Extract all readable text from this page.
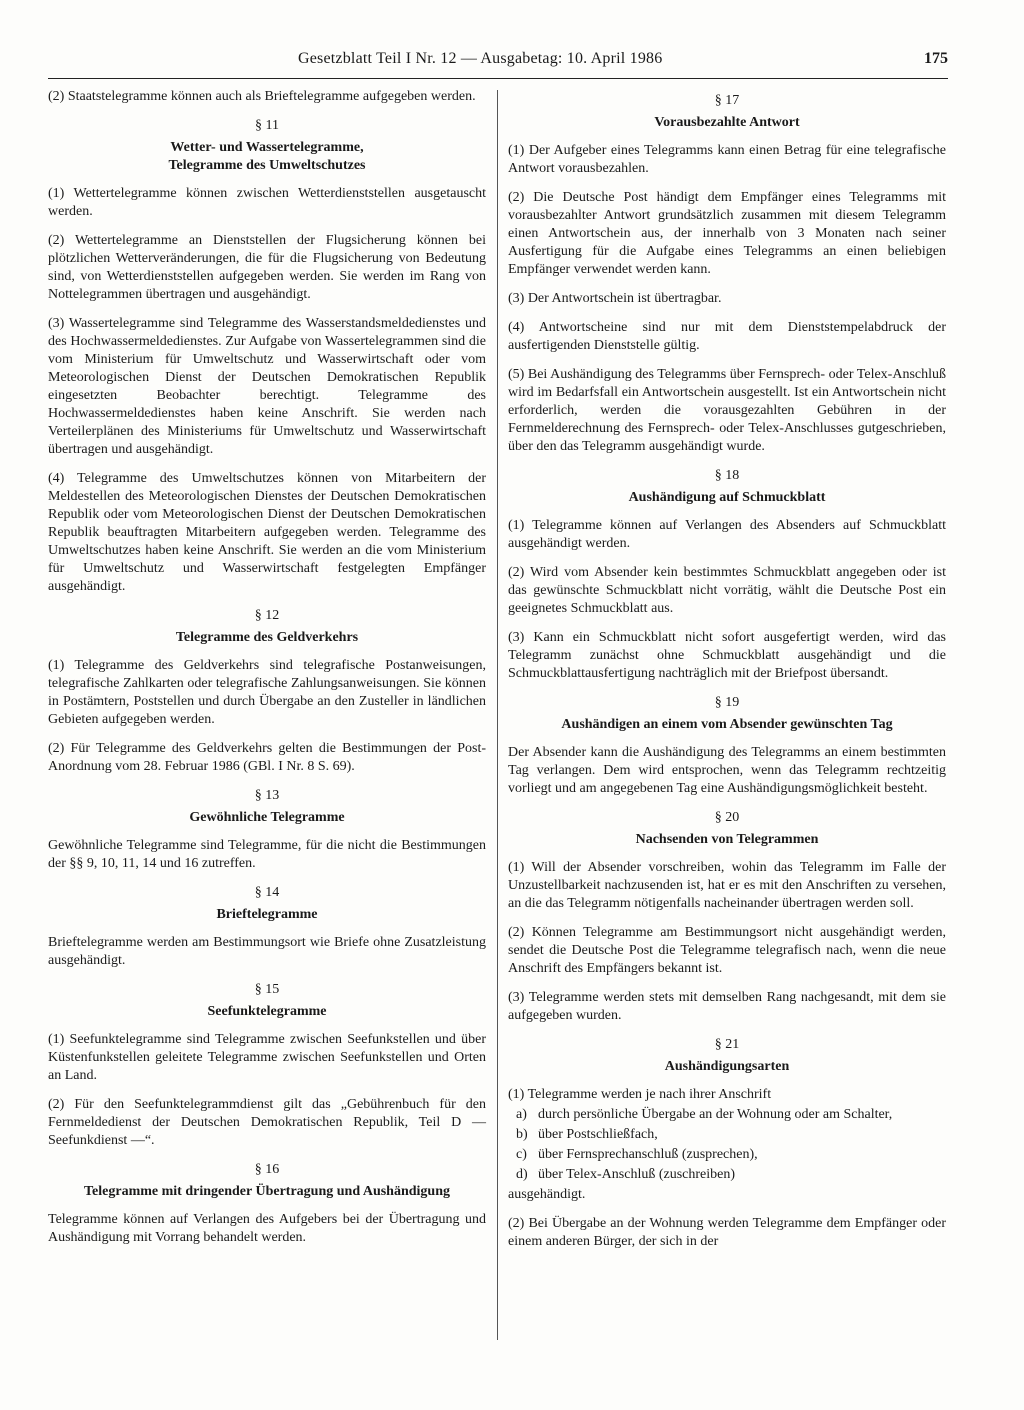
Gesetzblatt Teil I Nr. 12 — Ausgabetag: 10. April 1986	175

(2) Staatstelegramme können auch als Brieftelegramme aufgegeben werden.

§ 11
Wetter- und Wassertelegramme,
Telegramme des Umweltschutzes

(1) Wettertelegramme können zwischen Wetterdienststellen ausgetauscht werden.

(2) Wettertelegramme an Dienststellen der Flugsicherung können bei plötzlichen Wetterveränderungen, die für die Flugsicherung von Bedeutung sind, von Wetterdienststellen aufgegeben werden. Sie werden im Rang von Nottelegrammen übertragen und ausgehändigt.

(3) Wassertelegramme sind Telegramme des Wasserstandsmeldedienstes und des Hochwassermeldedienstes. Zur Aufgabe von Wassertelegrammen sind die vom Ministerium für Umweltschutz und Wasserwirtschaft oder vom Meteorologischen Dienst der Deutschen Demokratischen Republik eingesetzten Beobachter berechtigt. Telegramme des Hochwassermeldedienstes haben keine Anschrift. Sie werden nach Verteilerplänen des Ministeriums für Umweltschutz und Wasserwirtschaft übertragen und ausgehändigt.

(4) Telegramme des Umweltschutzes können von Mitarbeitern der Meldestellen des Meteorologischen Dienstes der Deutschen Demokratischen Republik oder vom Meteorologischen Dienst der Deutschen Demokratischen Republik beauftragten Mitarbeitern aufgegeben werden. Telegramme des Umweltschutzes haben keine Anschrift. Sie werden an die vom Ministerium für Umweltschutz und Wasserwirtschaft festgelegten Empfänger ausgehändigt.

§ 12
Telegramme des Geldverkehrs

(1) Telegramme des Geldverkehrs sind telegrafische Postanweisungen, telegrafische Zahlkarten oder telegrafische Zahlungsanweisungen. Sie können in Postämtern, Poststellen und durch Übergabe an den Zusteller in ländlichen Gebieten aufgegeben werden.

(2) Für Telegramme des Geldverkehrs gelten die Bestimmungen der Post-Anordnung vom 28. Februar 1986 (GBl. I Nr. 8 S. 69).

§ 13
Gewöhnliche Telegramme

Gewöhnliche Telegramme sind Telegramme, für die nicht die Bestimmungen der §§ 9, 10, 11, 14 und 16 zutreffen.

§ 14
Brieftelegramme

Brieftelegramme werden am Bestimmungsort wie Briefe ohne Zusatzleistung ausgehändigt.

§ 15
Seefunktelegramme

(1) Seefunktelegramme sind Telegramme zwischen Seefunkstellen und über Küstenfunkstellen geleitete Telegramme zwischen Seefunkstellen und Orten an Land.

(2) Für den Seefunktelegrammdienst gilt das „Gebührenbuch für den Fernmeldedienst der Deutschen Demokratischen Republik, Teil D — Seefunkdienst —“.

§ 16
Telegramme mit dringender Übertragung und Aushändigung

Telegramme können auf Verlangen des Aufgebers bei der Übertragung und Aushändigung mit Vorrang behandelt werden.

§ 17
Vorausbezahlte Antwort

(1) Der Aufgeber eines Telegramms kann einen Betrag für eine telegrafische Antwort vorausbezahlen.

(2) Die Deutsche Post händigt dem Empfänger eines Telegramms mit vorausbezahlter Antwort grundsätzlich zusammen mit diesem Telegramm einen Antwortschein aus, der innerhalb von 3 Monaten nach seiner Ausfertigung für die Aufgabe eines Telegramms an einen beliebigen Empfänger verwendet werden kann.

(3) Der Antwortschein ist übertragbar.

(4) Antwortscheine sind nur mit dem Dienststempelabdruck der ausfertigenden Dienststelle gültig.

(5) Bei Aushändigung des Telegramms über Fernsprech- oder Telex-Anschluß wird im Bedarfsfall ein Antwortschein ausgestellt. Ist ein Antwortschein nicht erforderlich, werden die vorausgezahlten Gebühren in der Fernmelderechnung des Fernsprech- oder Telex-Anschlusses gutgeschrieben, über den das Telegramm ausgehändigt wurde.

§ 18
Aushändigung auf Schmuckblatt

(1) Telegramme können auf Verlangen des Absenders auf Schmuckblatt ausgehändigt werden.

(2) Wird vom Absender kein bestimmtes Schmuckblatt angegeben oder ist das gewünschte Schmuckblatt nicht vorrätig, wählt die Deutsche Post ein geeignetes Schmuckblatt aus.

(3) Kann ein Schmuckblatt nicht sofort ausgefertigt werden, wird das Telegramm zunächst ohne Schmuckblatt ausgehändigt und die Schmuckblattausfertigung nachträglich mit der Briefpost übersandt.

§ 19
Aushändigen an einem vom Absender gewünschten Tag

Der Absender kann die Aushändigung des Telegramms an einem bestimmten Tag verlangen. Dem wird entsprochen, wenn das Telegramm rechtzeitig vorliegt und am angegebenen Tag eine Aushändigungsmöglichkeit besteht.

§ 20
Nachsenden von Telegrammen

(1) Will der Absender vorschreiben, wohin das Telegramm im Falle der Unzustellbarkeit nachzusenden ist, hat er es mit den Anschriften zu versehen, an die das Telegramm nötigenfalls nacheinander übertragen werden soll.

(2) Können Telegramme am Bestimmungsort nicht ausgehändigt werden, sendet die Deutsche Post die Telegramme telegrafisch nach, wenn die neue Anschrift des Empfängers bekannt ist.

(3) Telegramme werden stets mit demselben Rang nachgesandt, mit dem sie aufgegeben wurden.

§ 21
Aushändigungsarten

(1) Telegramme werden je nach ihrer Anschrift

a) durch persönliche Übergabe an der Wohnung oder am Schalter,
b) über Postschließfach,
c) über Fernsprechanschluß (zusprechen),
d) über Telex-Anschluß (zuschreiben)

ausgehändigt.

(2) Bei Übergabe an der Wohnung werden Telegramme dem Empfänger oder einem anderen Bürger, der sich in der
